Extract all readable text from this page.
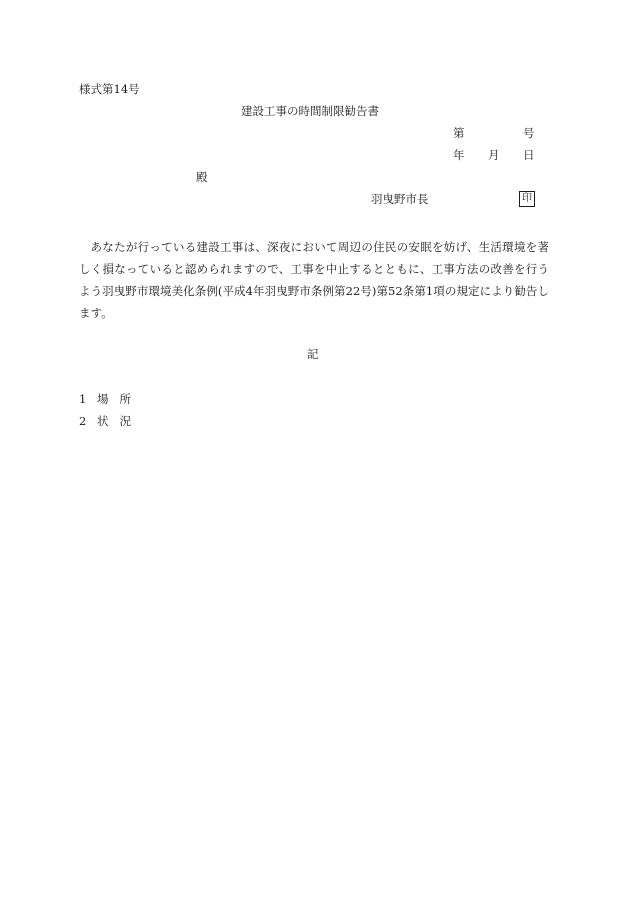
様式第14号
建設工事の時間制限勧告書
第	号
年 月 日
殿
羽曳野市長	印
あなたが行っている建設工事は、深夜において周辺の住民の安眠を妨げ、生活環境を著しく損なっていると認められますので、工事を中止するとともに、工事方法の改善を行うよう羽曳野市環境美化条例(平成4年羽曳野市条例第22号)第52条第1項の規定により勧告します。
記
1 場所
2 状況
